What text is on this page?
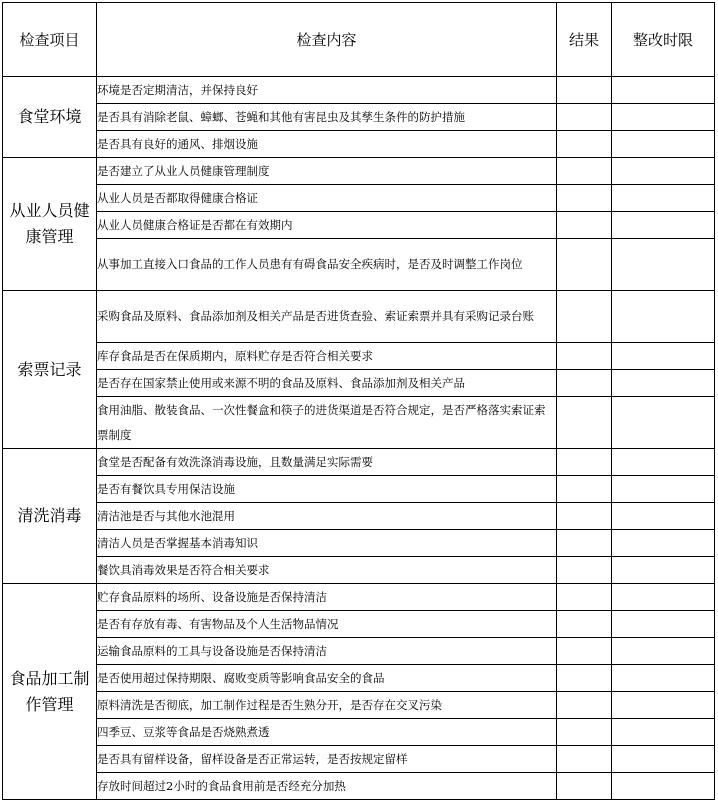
检查项目	检查内容	结果	整改时限
食堂环境	环境是否定期清洁，并保持良好		
	是否具有消除老鼠、蟑螂、苍蝇和其他有害昆虫及其孳生条件的防护措施		
	是否具有良好的通风、排烟设施		
从业人员健康管理	是否建立了从业人员健康管理制度		
	从业人员是否都取得健康合格证		
	从业人员健康合格证是否都在有效期内		
	从事加工直接入口食品的工作人员患有有碍食品安全疾病时，是否及时调整工作岗位		
索票记录	采购食品及原料、食品添加剂及相关产品是否进货查验、索证索票并具有采购记录台账		
	库存食品是否在保质期内，原料贮存是否符合相关要求		
	是否存在国家禁止使用或来源不明的食品及原料、食品添加剂及相关产品		
	食用油脂、散装食品、一次性餐盒和筷子的进货渠道是否符合规定，是否严格落实索证索票制度		
清洗消毒	食堂是否配备有效洗涤消毒设施，且数量满足实际需要		
	是否有餐饮具专用保洁设施		
	清洁池是否与其他水池混用		
	清洁人员是否掌握基本消毒知识		
	餐饮具消毒效果是否符合相关要求		
食品加工制作管理	贮存食品原料的场所、设备设施是否保持清洁		
	是否有存放有毒、有害物品及个人生活物品情况		
	运输食品原料的工具与设备设施是否保持清洁		
	是否使用超过保持期限、腐败变质等影响食品安全的食品		
	原料清洗是否彻底，加工制作过程是否生熟分开，是否存在交叉污染		
	四季豆、豆浆等食品是否烧熟煮透		
	是否具有留样设备，留样设备是否正常运转，是否按规定留样		
	存放时间超过2小时的食品食用前是否经充分加热		
